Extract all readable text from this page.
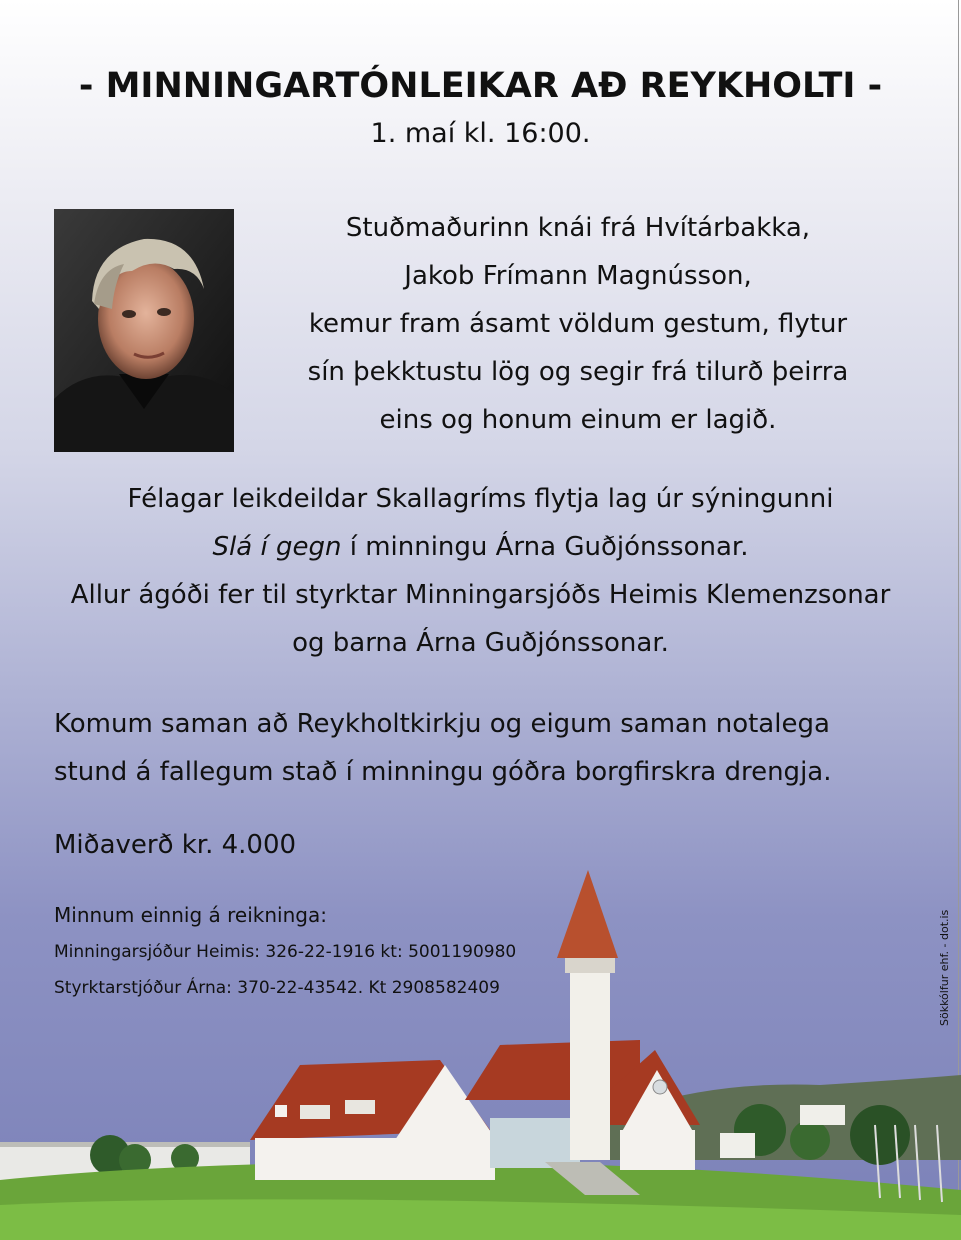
- MINNINGARTÓNLEIKAR AÐ REYKHOLTI -
1. maí kl. 16:00.
Stuðmaðurinn knái frá Hvítárbakka,
Jakob Frímann Magnússon,
kemur fram ásamt völdum gestum, flytur
sín þekktustu lög og segir frá tilurð þeirra
eins og honum einum er lagið.
Félagar leikdeildar Skallagríms flytja lag úr sýningunni
Slá í gegn í minningu Árna Guðjónssonar.
Allur ágóði fer til styrktar Minningarsjóðs Heimis Klemenzsonar
og barna Árna Guðjónssonar.
Komum saman að Reykholtkirkju og eigum saman notalega
stund á fallegum stað í minningu góðra borgfirskra drengja.
Miðaverð kr. 4.000
Minnum einnig á reikninga:
Minningarsjóður Heimis: 326-22-1916 kt: 5001190980
Styrktarstjóður Árna: 370-22-43542. Kt 2908582409	Sökkólfur ehf. - dot.is
